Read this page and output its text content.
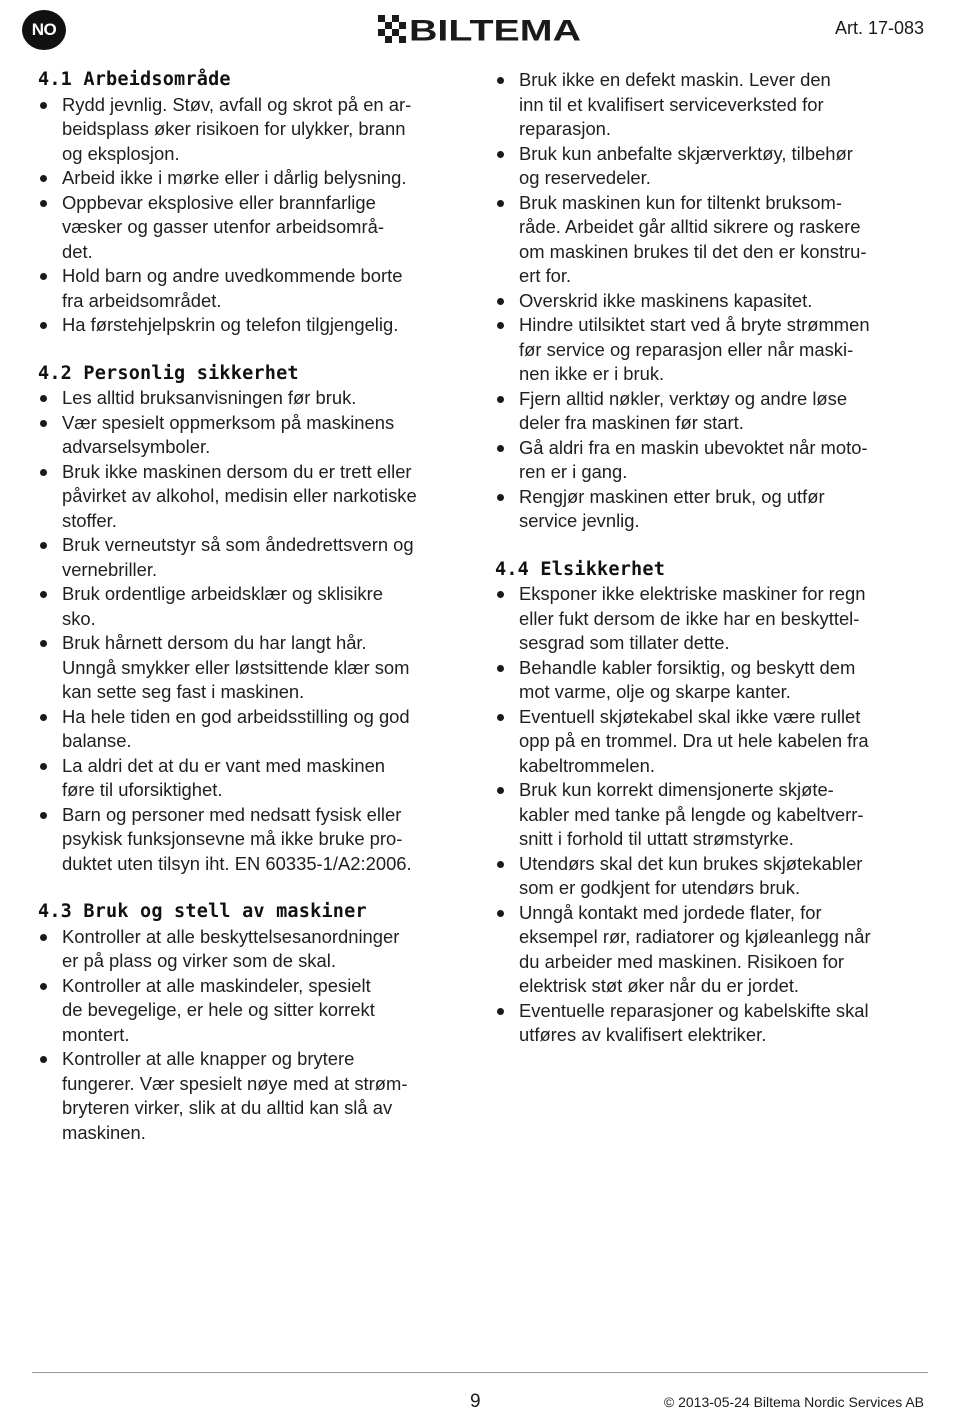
NO	BILTEMA	Art. 17-083
4.1 Arbeidsområde
Rydd jevnlig. Støv, avfall og skrot på en ar-
beidsplass øker risikoen for ulykker, brann
og eksplosjon.
Arbeid ikke i mørke eller i dårlig belysning.
Oppbevar eksplosive eller brannfarlige
væsker og gasser utenfor arbeidsområ-
det.
Hold barn og andre uvedkommende borte
fra arbeidsområdet.
Ha førstehjelpskrin og telefon tilgjengelig.
4.2 Personlig sikkerhet
Les alltid bruksanvisningen før bruk.
Vær spesielt oppmerksom på maskinens
advarselsymboler.
Bruk ikke maskinen dersom du er trett eller
påvirket av alkohol, medisin eller narkotiske
stoffer.
Bruk verneutstyr så som åndedrettsvern og
vernebriller.
Bruk ordentlige arbeidsklær og sklisikre
sko.
Bruk hårnett dersom du har langt hår.
Unngå smykker eller løstsittende klær som
kan sette seg fast i maskinen.
Ha hele tiden en god arbeidsstilling og god
balanse.
La aldri det at du er vant med maskinen
føre til uforsiktighet.
Barn og personer med nedsatt fysisk eller
psykisk funksjonsevne må ikke bruke pro-
duktet uten tilsyn iht. EN 60335-1/A2:2006.
4.3 Bruk og stell av maskiner
Kontroller at alle beskyttelsesanordninger
er på plass og virker som de skal.
Kontroller at alle maskindeler, spesielt
de bevegelige, er hele og sitter korrekt
montert.
Kontroller at alle knapper og brytere
fungerer. Vær spesielt nøye med at strøm-
bryteren virker, slik at du alltid kan slå av
maskinen.
Bruk ikke en defekt maskin. Lever den
inn til et kvalifisert serviceverksted for
reparasjon.
Bruk kun anbefalte skjærverktøy, tilbehør
og reservedeler.
Bruk maskinen kun for tiltenkt bruksom-
råde. Arbeidet går alltid sikrere og raskere
om maskinen brukes til det den er konstru-
ert for.
Overskrid ikke maskinens kapasitet.
Hindre utilsiktet start ved å bryte strømmen
før service og reparasjon eller når maski-
nen ikke er i bruk.
Fjern alltid nøkler, verktøy og andre løse
deler fra maskinen før start.
Gå aldri fra en maskin ubevoktet når moto-
ren er i gang.
Rengjør maskinen etter bruk, og utfør
service jevnlig.
4.4 Elsikkerhet
Eksponer ikke elektriske maskiner for regn
eller fukt dersom de ikke har en beskyttel-
sesgrad som tillater dette.
Behandle kabler forsiktig, og beskytt dem
mot varme, olje og skarpe kanter.
Eventuell skjøtekabel skal ikke være rullet
opp på en trommel. Dra ut hele kabelen fra
kabeltrommelen.
Bruk kun korrekt dimensjonerte skjøte-
kabler med tanke på lengde og kabeltverr-
snitt i forhold til uttatt strømstyrke.
Utendørs skal det kun brukes skjøtekabler
som er godkjent for utendørs bruk.
Unngå kontakt med jordede flater, for
eksempel rør, radiatorer og kjøleanlegg når
du arbeider med maskinen. Risikoen for
elektrisk støt øker når du er jordet.
Eventuelle reparasjoner og kabelskifte skal
utføres av kvalifisert elektriker.
9	© 2013-05-24 Biltema Nordic Services AB
